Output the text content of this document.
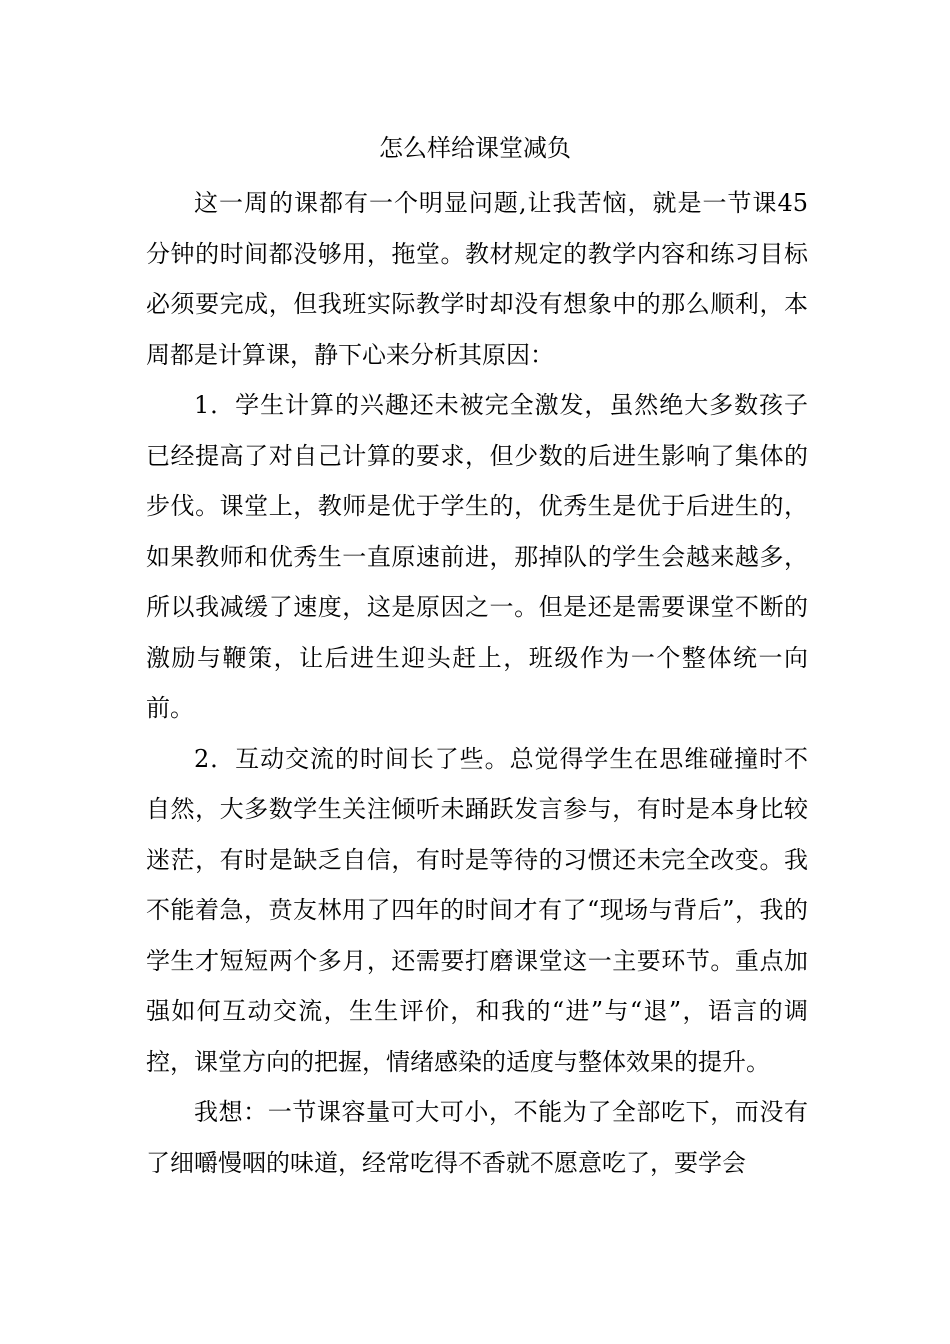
怎么样给课堂减负

这一周的课都有一个明显问题,让我苦恼，就是一节课45分钟的时间都没够用，拖堂。教材规定的教学内容和练习目标必须要完成，但我班实际教学时却没有想象中的那么顺利，本周都是计算课，静下心来分析其原因：

1．学生计算的兴趣还未被完全激发，虽然绝大多数孩子已经提高了对自己计算的要求，但少数的后进生影响了集体的步伐。课堂上，教师是优于学生的，优秀生是优于后进生的，如果教师和优秀生一直原速前进，那掉队的学生会越来越多，所以我减缓了速度，这是原因之一。但是还是需要课堂不断的激励与鞭策，让后进生迎头赶上，班级作为一个整体统一向前。

2．互动交流的时间长了些。总觉得学生在思维碰撞时不自然，大多数学生关注倾听未踊跃发言参与，有时是本身比较迷茫，有时是缺乏自信，有时是等待的习惯还未完全改变。我不能着急，贲友林用了四年的时间才有了“现场与背后”，我的学生才短短两个多月，还需要打磨课堂这一主要环节。重点加强如何互动交流，生生评价，和我的“进”与“退”，语言的调控，课堂方向的把握，情绪感染的适度与整体效果的提升。

我想：一节课容量可大可小，不能为了全部吃下，而没有了细嚼慢咽的味道，经常吃得不香就不愿意吃了，要学会
